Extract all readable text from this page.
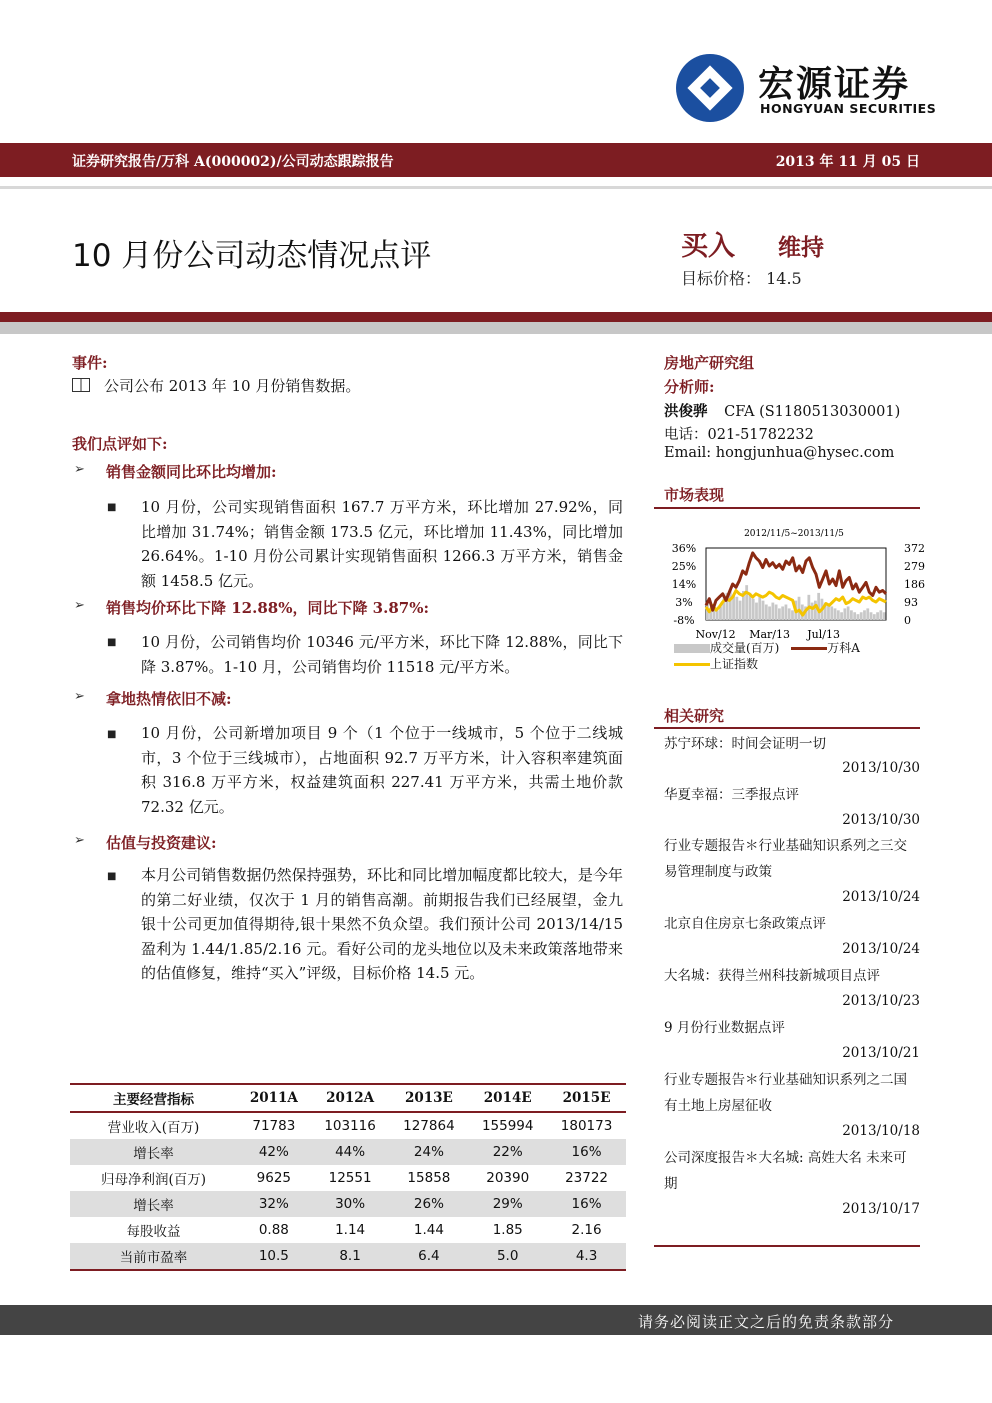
宏源证券
HONGYUAN SECURITIES
证券研究报告/万科 A(000002)/公司动态跟踪报告	2013 年 11 月 05 日
10 月份公司动态情况点评	买入 维持
目标价格： 14.5
事件:
公司公布 2013 年 10 月份销售数据。
我们点评如下:
➢ 销售金额同比环比均增加:
■ 10 月份，公司实现销售面积 167.7 万平方米，环比增加 27.92%，同比增加 31.74%；销售金额 173.5 亿元，环比增加 11.43%，同比增加 26.64%。1-10 月份公司累计实现销售面积 1266.3 万平方米，销售金额 1458.5 亿元。
➢ 销售均价环比下降 12.88%，同比下降 3.87%:
■ 10 月份，公司销售均价 10346 元/平方米，环比下降 12.88%，同比下降 3.87%。1-10 月，公司销售均价 11518 元/平方米。
➢ 拿地热情依旧不减:
■ 10 月份，公司新增加项目 9 个（1 个位于一线城市，5 个位于二线城市，3 个位于三线城市），占地面积 92.7 万平方米，计入容积率建筑面积 316.8 万平方米，权益建筑面积 227.41 万平方米，共需土地价款 72.32 亿元。
➢ 估值与投资建议:
■ 本月公司销售数据仍然保持强势，环比和同比增加幅度都比较大，是今年的第二好业绩，仅次于 1 月的销售高潮。前期报告我们已经展望，金九银十公司更加值得期待,银十果然不负众望。我们预计公司 2013/14/15 盈利为 1.44/1.85/2.16 元。看好公司的龙头地位以及未来政策落地带来的估值修复，维持“买入”评级，目标价格 14.5 元。
主要经营指标	2011A	2012A	2013E	2014E	2015E
营业收入(百万)	71783	103116	127864	155994	180173
增长率	42%	44%	24%	22%	16%
归母净利润(百万)	9625	12551	15858	20390	23722
增长率	32%	30%	26%	29%	16%
每股收益	0.88	1.14	1.44	1.85	2.16
当前市盈率	10.5	8.1	6.4	5.0	4.3
房地产研究组
分析师:
洪俊骅 CFA (S1180513030001)
电话：021-51782232
Email: hongjunhua@hysec.com
市场表现
2012/11/5~2013/11/5
36%
25%
14%
3%
-8%
372
279
186
93
0
Nov/12 Mar/13 Jul/13
成交量(百万)	万科A
上证指数
相关研究
苏宁环球：时间会证明一切
2013/10/30
华夏幸福：三季报点评
2013/10/30
行业专题报告＊行业基础知识系列之三交易管理制度与政策
2013/10/24
北京自住房京七条政策点评
2013/10/24
大名城：获得兰州科技新城项目点评
2013/10/23
9 月份行业数据点评
2013/10/21
行业专题报告＊行业基础知识系列之二国有土地上房屋征收
2013/10/18
公司深度报告＊大名城: 高姓大名 未来可期
2013/10/17
请务必阅读正文之后的免责条款部分
